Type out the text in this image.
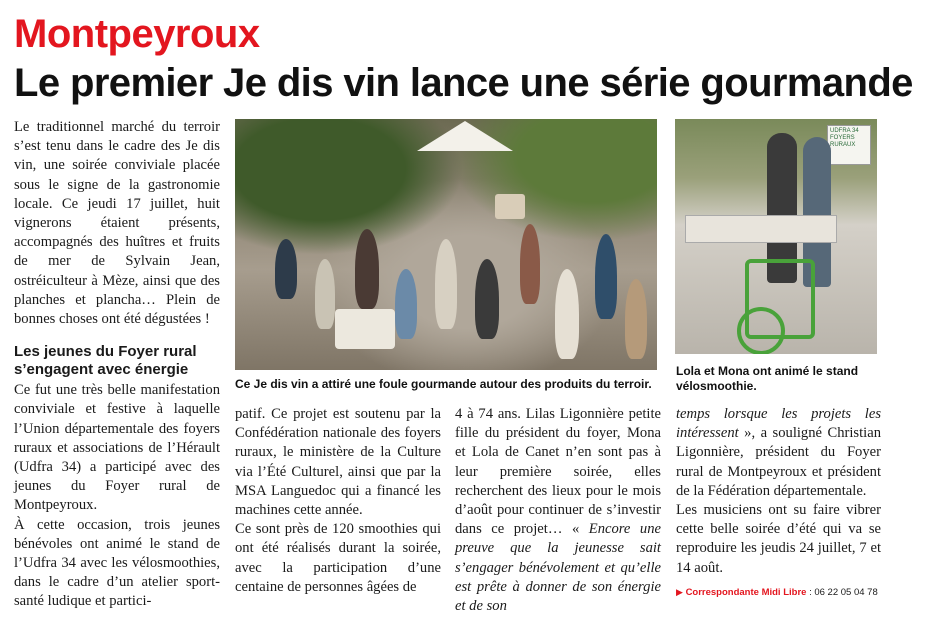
Montpeyroux
Le premier Je dis vin lance une série gourmande

Le traditionnel marché du terroir s’est tenu dans le cadre des Je dis vin, une soirée conviviale placée sous le signe de la gastronomie locale. Ce jeudi 17 juillet, huit vignerons étaient présents, accompagnés des huîtres et fruits de mer de Sylvain Jean, ostréiculteur à Mèze, ainsi que des planches et plancha… Plein de bonnes choses ont été dégustées !

Les jeunes du Foyer rural s’engagent avec énergie

Ce fut une très belle manifestation conviviale et festive à laquelle l’Union départementale des foyers ruraux et associations de l’Hérault (Udfra 34) a participé avec des jeunes du Foyer rural de Montpeyroux.

À cette occasion, trois jeunes bénévoles ont animé le stand de l’Udfra 34 avec les vélosmoothies, dans le cadre d’un atelier sport-santé ludique et partici-

Ce Je dis vin a attiré une foule gourmande autour des produits du terroir.
UDFRA 34 FOYERS RURAUX
Lola et Mona ont animé le stand vélosmoothie.

patif. Ce projet est soutenu par la Confédération nationale des foyers ruraux, le ministère de la Culture via l’Été Culturel, ainsi que par la MSA Languedoc qui a financé les machines cette année.

Ce sont près de 120 smoothies qui ont été réalisés durant la soirée, avec la participation d’une centaine de personnes âgées de

4 à 74 ans. Lilas Ligonnière petite fille du président du foyer, Mona et Lola de Canet n’en sont pas à leur première soirée, elles recherchent des lieux pour le mois d’août pour continuer de s’investir dans ce projet… « Encore une preuve que la jeunesse sait s’engager bénévolement et qu’elle est prête à donner de son énergie et de son

temps lorsque les projets les intéressent », a souligné Christian Ligonnière, président du Foyer rural de Montpeyroux et président de la Fédération départementale.

Les musiciens ont su faire vibrer cette belle soirée d’été qui va se reproduire les jeudis 24 juillet, 7 et 14 août.

▶ Correspondante Midi Libre : 06 22 05 04 78
